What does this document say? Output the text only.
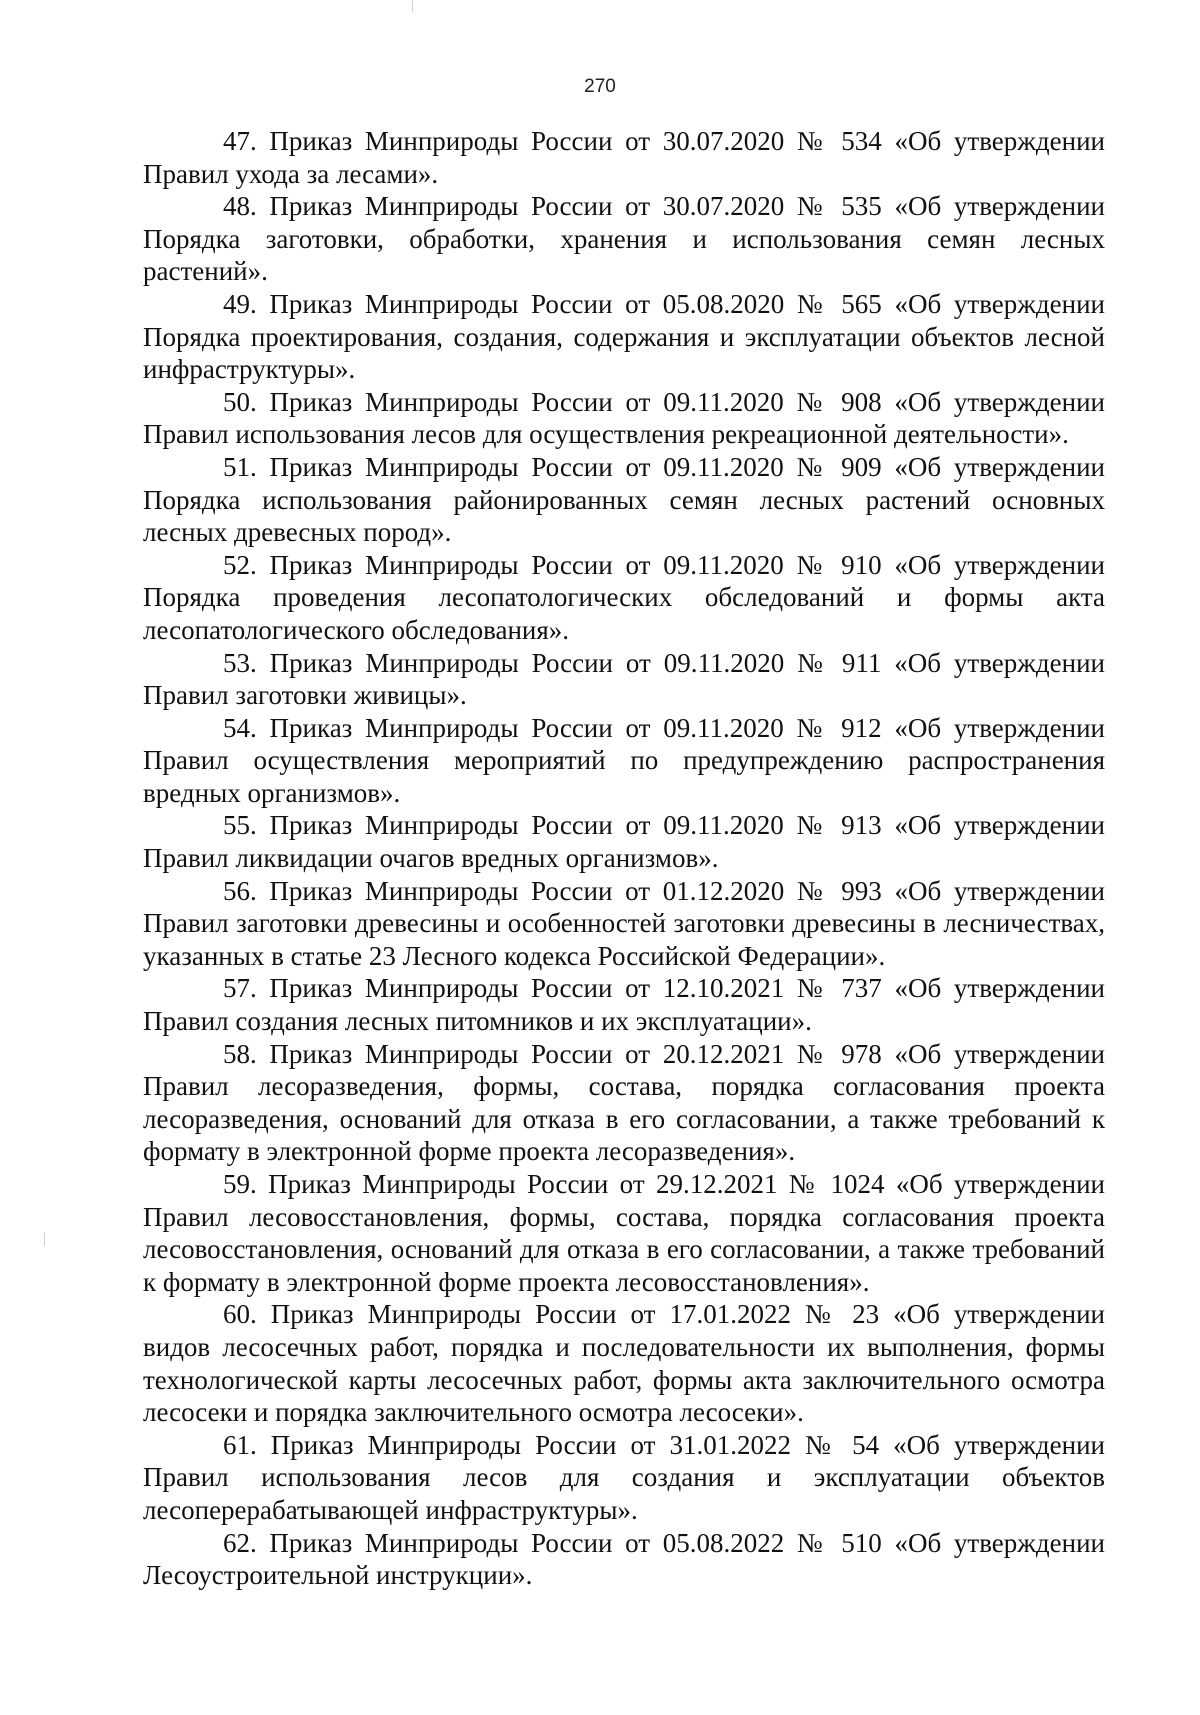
270

47. Приказ Минприроды России от 30.07.2020 № 534 «Об утверждении Правил ухода за лесами».

48. Приказ Минприроды России от 30.07.2020 № 535 «Об утверждении Порядка заготовки, обработки, хранения и использования семян лесных растений».

49. Приказ Минприроды России от 05.08.2020 № 565 «Об утверждении Порядка проектирования, создания, содержания и эксплуатации объектов лесной инфраструктуры».

50. Приказ Минприроды России от 09.11.2020 № 908 «Об утверждении Правил использования лесов для осуществления рекреационной деятельности».

51. Приказ Минприроды России от 09.11.2020 № 909 «Об утверждении Порядка использования районированных семян лесных растений основных лесных древесных пород».

52. Приказ Минприроды России от 09.11.2020 № 910 «Об утверждении Порядка проведения лесопатологических обследований и формы акта лесопатологического обследования».

53. Приказ Минприроды России от 09.11.2020 № 911 «Об утверждении Правил заготовки живицы».

54. Приказ Минприроды России от 09.11.2020 № 912 «Об утверждении Правил осуществления мероприятий по предупреждению распространения вредных организмов».

55. Приказ Минприроды России от 09.11.2020 № 913 «Об утверждении Правил ликвидации очагов вредных организмов».

56. Приказ Минприроды России от 01.12.2020 № 993 «Об утверждении Правил заготовки древесины и особенностей заготовки древесины в лесничествах, указанных в статье 23 Лесного кодекса Российской Федерации».

57. Приказ Минприроды России от 12.10.2021 № 737 «Об утверждении Правил создания лесных питомников и их эксплуатации».

58. Приказ Минприроды России от 20.12.2021 № 978 «Об утверждении Правил лесоразведения, формы, состава, порядка согласования проекта лесоразведения, оснований для отказа в его согласовании, а также требований к формату в электронной форме проекта лесоразведения».

59. Приказ Минприроды России от 29.12.2021 № 1024 «Об утверждении Правил лесовосстановления, формы, состава, порядка согласования проекта лесовосстановления, оснований для отказа в его согласовании, а также требований к формату в электронной форме проекта лесовосстановления».

60. Приказ Минприроды России от 17.01.2022 № 23 «Об утверждении видов лесосечных работ, порядка и последовательности их выполнения, формы технологической карты лесосечных работ, формы акта заключительного осмотра лесосеки и порядка заключительного осмотра лесосеки».

61. Приказ Минприроды России от 31.01.2022 № 54 «Об утверждении Правил использования лесов для создания и эксплуатации объектов лесоперерабатывающей инфраструктуры».

62. Приказ Минприроды России от 05.08.2022 № 510 «Об утверждении Лесоустроительной инструкции».
